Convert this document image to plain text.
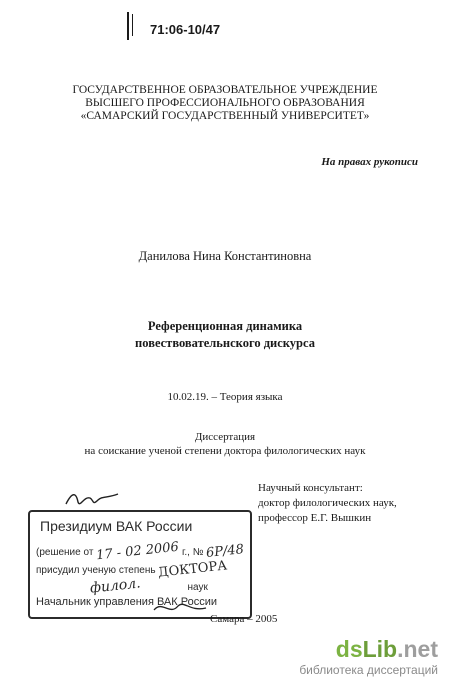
71:06-10/47
ГОСУДАРСТВЕННОЕ ОБРАЗОВАТЕЛЬНОЕ УЧРЕЖДЕНИЕ
ВЫСШЕГО ПРОФЕССИОНАЛЬНОГО ОБРАЗОВАНИЯ
«САМАРСКИЙ ГОСУДАРСТВЕННЫЙ УНИВЕРСИТЕТ»
На правах рукописи
Данилова Нина Константиновна
Референционная динамика
повествовательнского дискурса
10.02.19. – Теория языка
Диссертация
на соискание ученой степени доктора филологических наук
Научный консультант:
доктор филологических наук,
профессор Е.Г. Вышкин
Президиум ВАК России
(решение от 17 - 02 2006 г., № 6Р/48
присудил ученую степень ДОКТОРА
филол.	наук
Начальник управления ВАК России
Самара – 2005
dsLib.net
библиотека диссертаций
